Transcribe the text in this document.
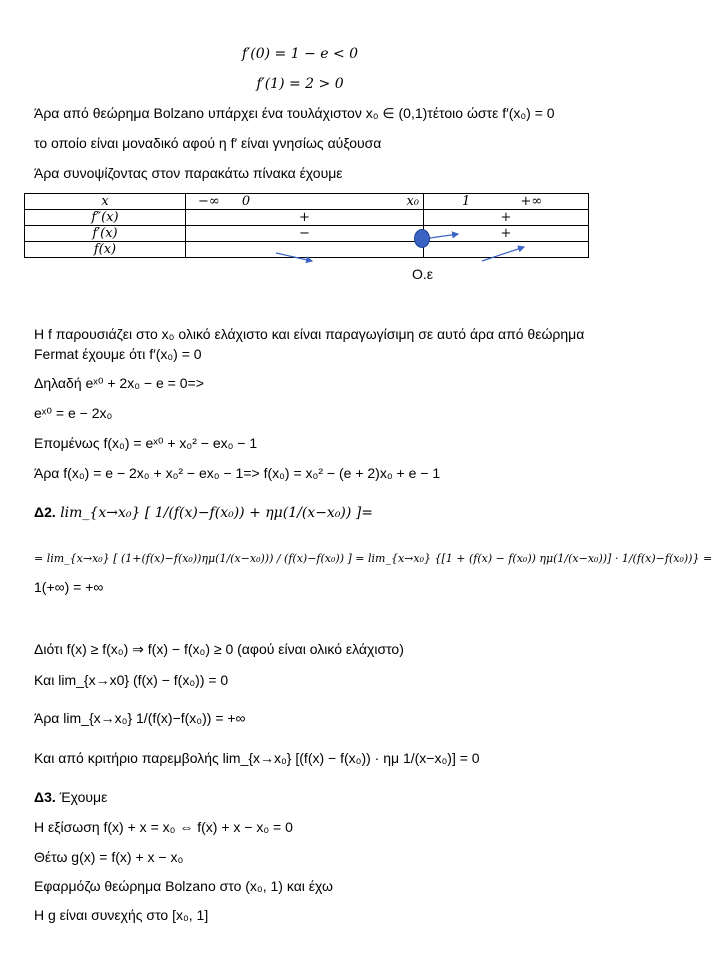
f′(0) = 1 − e < 0
f′(1) = 2 > 0
Άρα από θεώρημα Bolzano υπάρχει ένα τουλάχιστον x₀ ∈ (0,1)τέτοιο ώστε f′(x₀) = 0
το οποίο είναι μοναδικό αφού η f′ είναι γνησίως αύξουσα
Άρα συνοψίζοντας στον παρακάτω πίνακα έχουμε
x	−∞ 0 x₀	1 +∞
f″(x)	+	+
f′(x)	−	+
f(x)		
Ο.ε
H f παρουσιάζει στο x₀ ολικό ελάχιστο και είναι παραγωγίσιμη σε αυτό άρα από θεώρημα
Fermat έχουμε ότι f′(x₀) = 0
Δηλαδή eˣ⁰ + 2x₀ − e = 0=>
eˣ⁰ = e − 2x₀
Επομένως f(x₀) = eˣ⁰ + x₀² − ex₀ − 1
Άρα f(x₀) = e − 2x₀ + x₀² − ex₀ − 1=> f(x₀) = x₀² − (e + 2)x₀ + e − 1
Δ2. lim_{x→x₀} [ 1/(f(x)−f(x₀)) + ημ(1/(x−x₀)) ]=
= lim_{x→x₀} [ (1+(f(x)−f(x₀))ημ(1/(x−x₀))) / (f(x)−f(x₀)) ] = lim_{x→x₀} {[1 + (f(x) − f(x₀)) ημ(1/(x−x₀))] · 1/(f(x)−f(x₀))} =
1(+∞) = +∞
Διότι f(x) ≥ f(x₀) ⇒ f(x) − f(x₀) ≥ 0 (αφού είναι ολικό ελάχιστο)
Και lim_{x→x0} (f(x) − f(x₀)) = 0
Άρα lim_{x→x₀} 1/(f(x)−f(x₀)) = +∞
Και από κριτήριο παρεμβολής lim_{x→x₀} [(f(x) − f(x₀)) · ημ 1/(x−x₀)] = 0
Δ3. Έχουμε
Η εξίσωση f(x) + x = x₀ ⇔ f(x) + x − x₀ = 0
Θέτω g(x) = f(x) + x − x₀
Εφαρμόζω θεώρημα Bolzano στο (x₀, 1) και έχω
Η g είναι συνεχής στο [x₀, 1]
